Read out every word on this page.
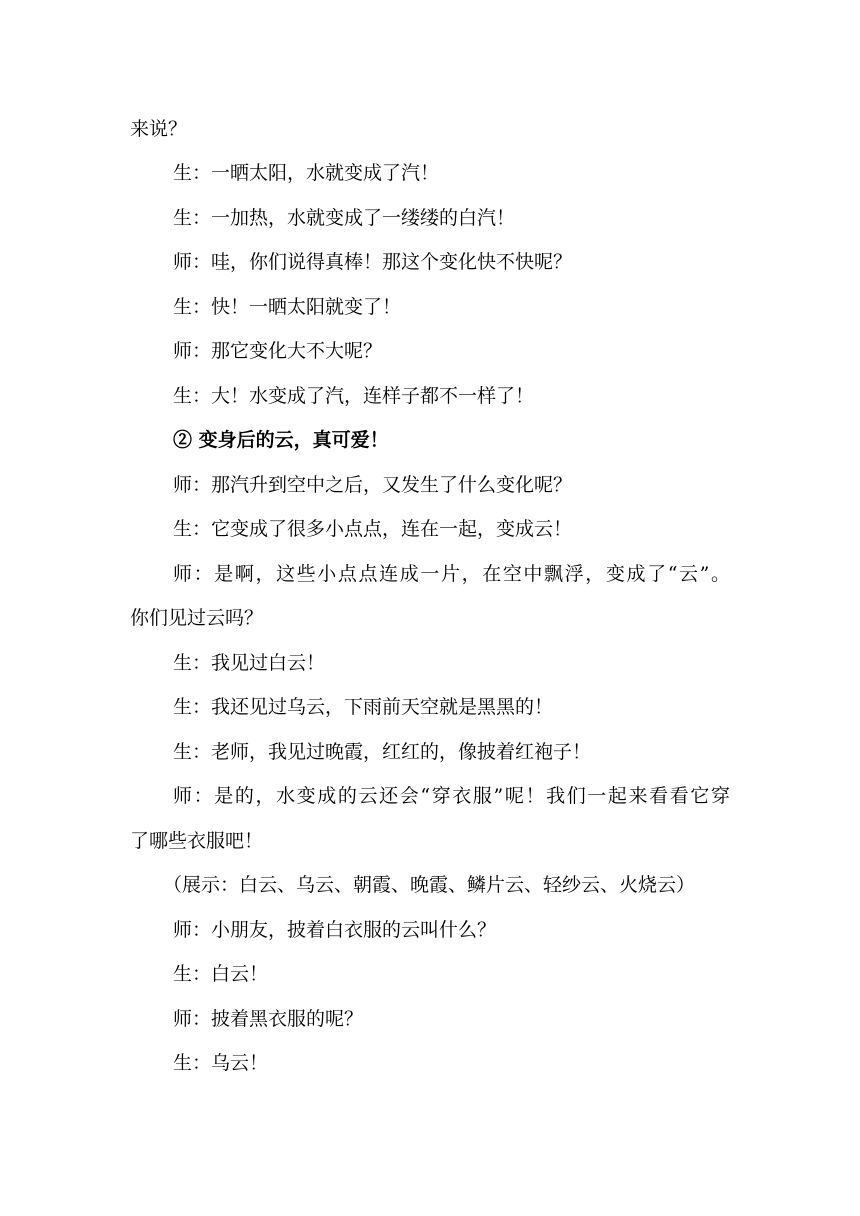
来说？
生：一晒太阳，水就变成了汽！
生：一加热，水就变成了一缕缕的白汽！
师：哇，你们说得真棒！那这个变化快不快呢？
生：快！一晒太阳就变了！
师：那它变化大不大呢？
生：大！水变成了汽，连样子都不一样了！
② 变身后的云，真可爱！
师：那汽升到空中之后，又发生了什么变化呢？
生：它变成了很多小点点，连在一起，变成云！
师：是啊，这些小点点连成一片，在空中飘浮，变成了“云”。
你们见过云吗？
生：我见过白云！
生：我还见过乌云，下雨前天空就是黑黑的！
生：老师，我见过晚霞，红红的，像披着红袍子！
师：是的，水变成的云还会“穿衣服”呢！我们一起来看看它穿
了哪些衣服吧！
（展示：白云、乌云、朝霞、晚霞、鳞片云、轻纱云、火烧云）
师：小朋友，披着白衣服的云叫什么？
生：白云！
师：披着黑衣服的呢？
生：乌云！
